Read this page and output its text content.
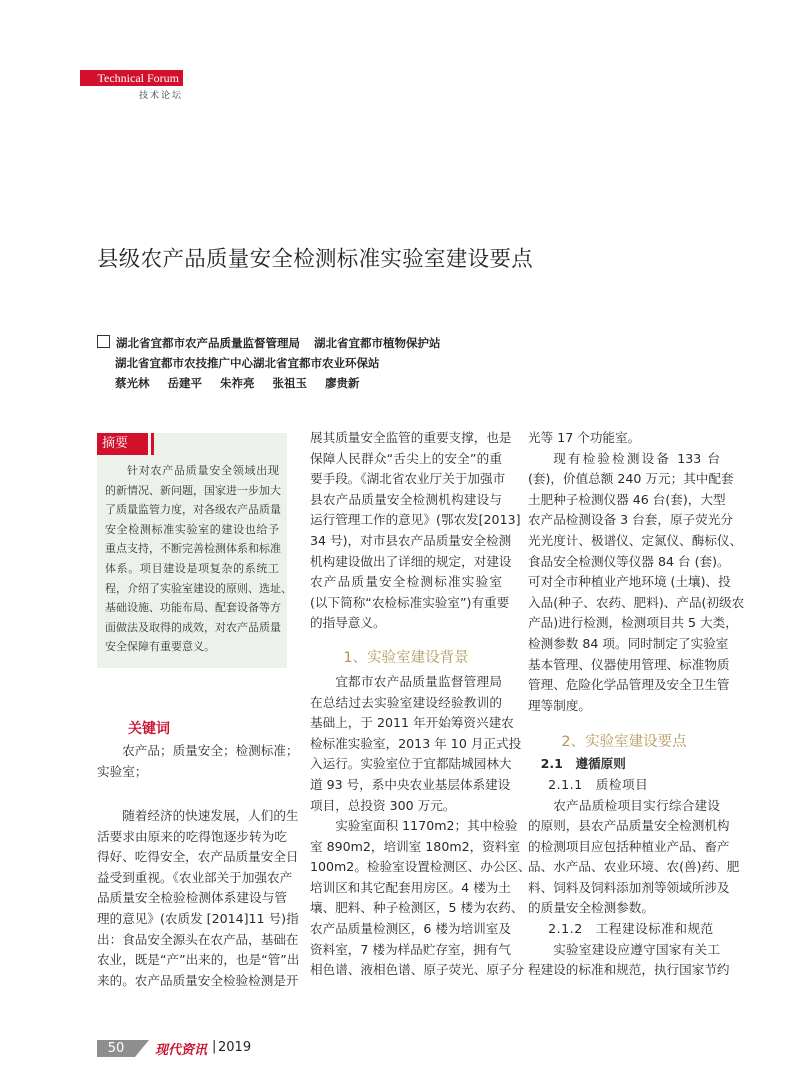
Technical Forum
技术论坛
县级农产品质量安全检测标准实验室建设要点
湖北省宜都市农产品质量监督管理局 湖北省宜都市植物保护站
湖北省宜都市农技推广中心湖北省宜都市农业环保站
蔡光林 岳建平 朱祚亮 张祖玉 廖贵新
摘要
针对农产品质量安全领域出现
的新情况、新问题，国家进一步加大
了质量监管力度，对各级农产品质量
安全检测标准实验室的建设也给予
重点支持，不断完善检测体系和标准
体系。项目建设是项复杂的系统工
程，介绍了实验室建设的原则、选址、
基础设施、功能布局、配套设备等方
面做法及取得的成效，对农产品质量
安全保障有重要意义。
关键词
农产品；质量安全；检测标准；
实验室；
随着经济的快速发展，人们的生
活要求由原来的吃得饱逐步转为吃
得好、吃得安全，农产品质量安全日
益受到重视。《农业部关于加强农产
品质量安全检验检测体系建设与管
理的意见》(农质发 [2014]11 号)指
出：食品安全源头在农产品，基础在
农业，既是“产”出来的，也是“管”出
来的。农产品质量安全检验检测是开
展其质量安全监管的重要支撑，也是
保障人民群众“舌尖上的安全”的重
要手段。《湖北省农业厅关于加强市
县农产品质量安全检测机构建设与
运行管理工作的意见》(鄂农发[2013]
34 号)，对市县农产品质量安全检测
机构建设做出了详细的规定，对建设
农产品质量安全检测标准实验室
(以下简称“农检标准实验室”)有重要
的指导意义。
1、实验室建设背景
宜都市农产品质量监督管理局
在总结过去实验室建设经验教训的
基础上，于 2011 年开始筹资兴建农
检标准实验室，2013 年 10 月正式投
入运行。实验室位于宜都陆城园林大
道 93 号，系中央农业基层体系建设
项目，总投资 300 万元。
实验室面积 1170m2；其中检验
室 890m2，培训室 180m2，资料室
100m2。检验室设置检测区、办公区、
培训区和其它配套用房区。4 楼为土
壤、肥料、种子检测区，5 楼为农药、
农产品质量检测区，6 楼为培训室及
资料室，7 楼为样品贮存室，拥有气
相色谱、液相色谱、原子荧光、原子分
光等 17 个功能室。
现有检验检测设备 133 台
(套)，价值总额 240 万元；其中配套
土肥种子检测仪器 46 台(套)，大型
农产品检测设备 3 台套，原子荧光分
光光度计、极谱仪、定氮仪、酶标仪、
食品安全检测仪等仪器 84 台 (套)。
可对全市种植业产地环境 (土壤)、投
入品(种子、农药、肥料)、产品(初级农
产品)进行检测，检测项目共 5 大类，
检测参数 84 项。同时制定了实验室
基本管理、仪器使用管理、标准物质
管理、危险化学品管理及安全卫生管
理等制度。
2、实验室建设要点
2.1　遵循原则
2.1.1　质检项目
农产品质检项目实行综合建设
的原则，县农产品质量安全检测机构
的检测项目应包括种植业产品、畜产
品、水产品、农业环境、农(兽)药、肥
料、饲料及饲料添加剂等领域所涉及
的质量安全检测参数。
2.1.2　工程建设标准和规范
实验室建设应遵守国家有关工
程建设的标准和规范，执行国家节约
50	现代资讯 | 2019
